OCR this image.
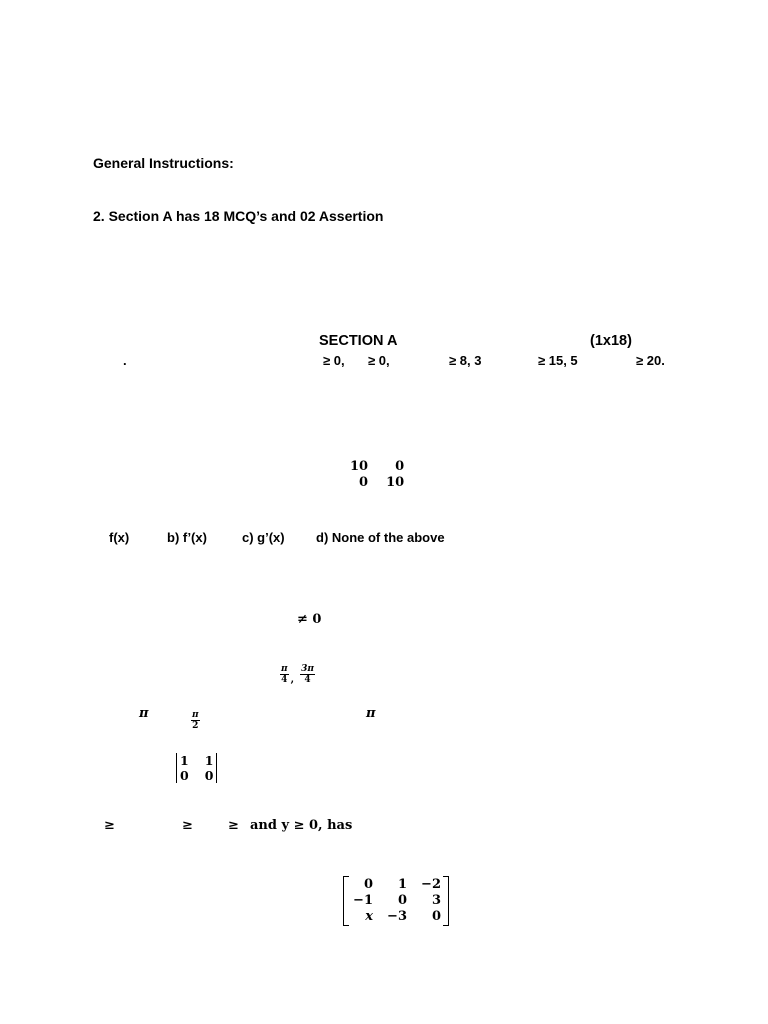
General Instructions:
2. Section A has 18 MCQ’s and 02 Assertion
SECTION A	(1x18)
.	≥ 0, ≥ 0,	≥ 8, 3	≥ 15, 5	≥ 20.
10	0
0 10
f(x)	b) f’(x)	c) g’(x) d) None of the above
≠ 0
$\frac{\pi}{4}$ , $\frac{3\pi}{4}$
π	$\frac{\pi}{2}$	π
1 1
0 0
≥	≥	≥ and y ≥ 0, has
0	1	−2
−1	0	3
x	−3	0
